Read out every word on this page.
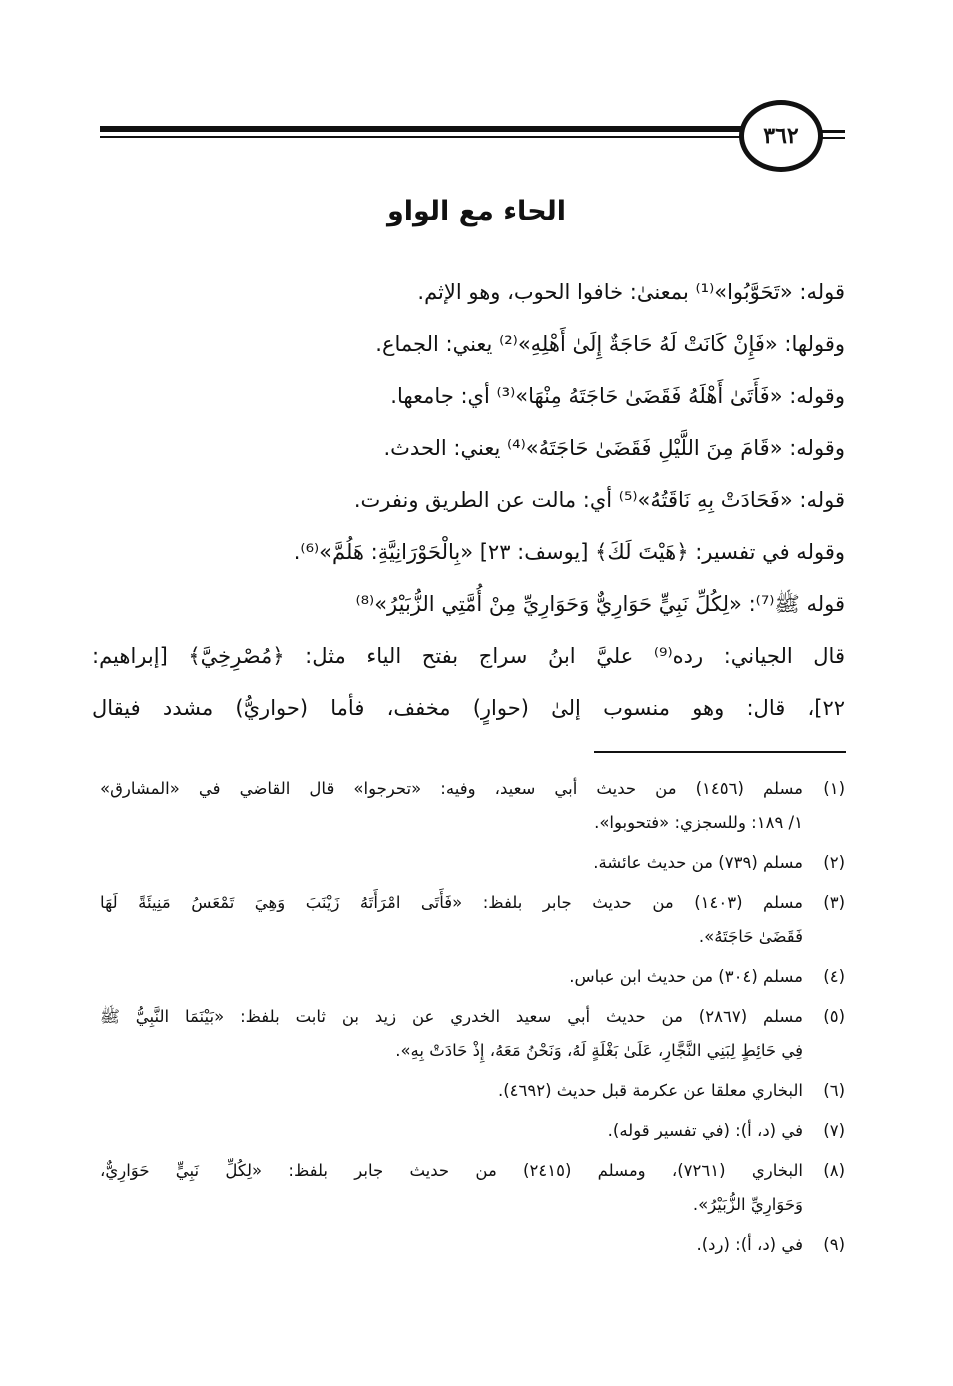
٣٦٢
الحاء مع الواو
قوله: «تَحَوَّبُوا»⁽¹⁾ بمعنىٰ: خافوا الحوب، وهو الإثم.
وقولها: «فَإِنْ كَانَتْ لَهُ حَاجَةٌ إِلَىٰ أَهْلِهِ»⁽²⁾ يعني: الجماع.
وقوله: «فَأَتَىٰ أَهْلَهُ فَقَضَىٰ حَاجَتَهُ مِنْهَا»⁽³⁾ أي: جامعها.
وقوله: «قَامَ مِنَ اللَّيْلِ فَقَضَىٰ حَاجَتَهُ»⁽⁴⁾ يعني: الحدث.
قوله: «فَحَادَتْ بِهِ نَاقَتُهُ»⁽⁵⁾ أي: مالت عن الطريق ونفرت.
وقوله في تفسير: ﴿هَيْتَ لَكَ﴾ [يوسف: ٢٣] «بِالْحَوْرَانِيَّةِ: هَلُمَّ»⁽⁶⁾.
قوله ﷺ⁽⁷⁾: «لِكُلِّ نَبِيٍّ حَوَارِيٌّ وَحَوَارِيِّ مِنْ أُمَّتِي الزُّبَيْرُ»⁽⁸⁾
قال الجياني: رده⁽⁹⁾ عليَّ ابنُ سراج بفتح الياء مثل: ﴿مُصْرِخِيَّ﴾ [إبراهيم:
٢٢]، قال: وهو منسوب إلىٰ (حوارٍ) مخفف، فأما (حواريُّ) مشدد فيقال
(١)
مسلم (١٤٥٦) من حديث أبي سعيد، وفيه: «تحرجوا» قال القاضي في «المشارق»
١/ ١٨٩: وللسجزي: «فتحوبوا».
(٢)
مسلم (٧٣٩) من حديث عائشة.
(٣)
مسلم (١٤٠٣) من حديث جابر بلفظ: «فَأَتَى امْرَأَتَهُ زَيْنَبَ وَهِيَ تَمْعَسُ مَنِيئَةً لَهَا
فَقَضَىٰ حَاجَتَهُ».
(٤)
مسلم (٣٠٤) من حديث ابن عباس.
(٥)
مسلم (٢٨٦٧) من حديث أبي سعيد الخدري عن زيد بن ثابت بلفظ: «بَيْنَمَا النَّبِيُّ ﷺ
فِي حَائِطٍ لِبَنِي النَّجَّارِ، عَلَىٰ بَغْلَةٍ لَهُ، وَنَحْنُ مَعَهُ، إِذْ حَادَتْ بِهِ».
(٦)
البخاري معلقا عن عكرمة قبل حديث (٤٦٩٢).
(٧)
في (د، أ): (في تفسير قوله).
(٨)
البخاري (٧٢٦١)، ومسلم (٢٤١٥) من حديث جابر بلفظ: «لِكُلِّ نَبِيٍّ حَوَارِيٌّ،
وَحَوَارِيِّ الزُّبَيْرُ».
(٩)
في (د، أ): (رد).
